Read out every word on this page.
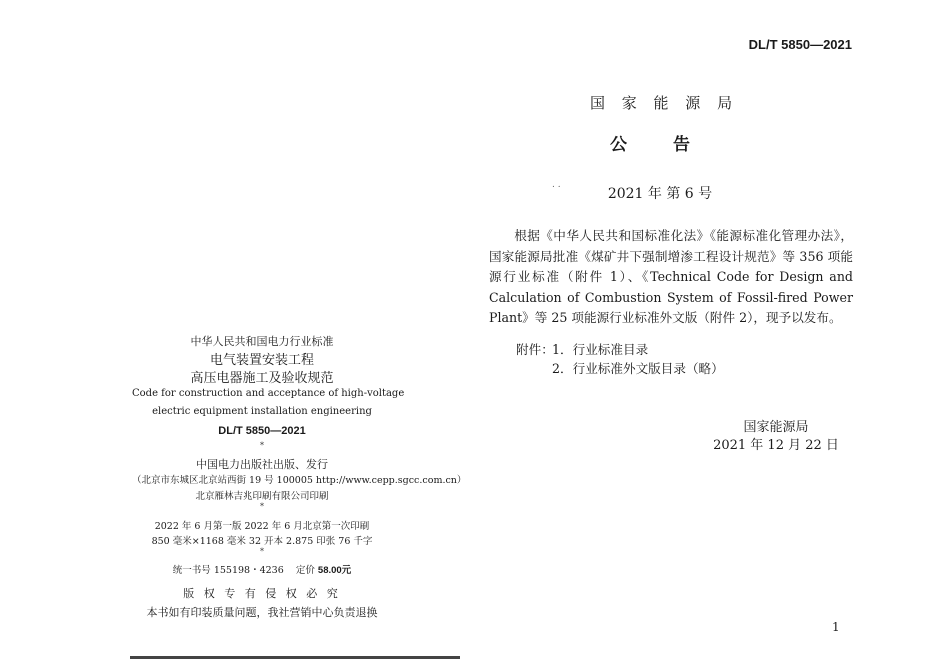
DL/T 5850—2021
国 家 能 源 局
公 告
. .
2021 年 第 6 号

根据《中华人民共和国标准化法》《能源标准化管理办法》，国家能源局批准《煤矿井下强制增渗工程设计规范》等 356 项能源行业标准（附件 1）、《Technical Code for Design and Calculation of Combustion System of Fossil-fired Power Plant》等 25 项能源行业标准外文版（附件 2），现予以发布。

附件：
1．行业标准目录
2．行业标准外文版目录（略）
国家能源局
2021 年 12 月 22 日
1
中华人民共和国电力行业标准
电气装置安装工程
高压电器施工及验收规范
Code for construction and acceptance of high-voltage
electric equipment installation engineering
DL/T 5850—2021
*
中国电力出版社出版、发行
（北京市东城区北京站西街 19 号 100005 http://www.cepp.sgcc.com.cn）
北京雁林吉兆印刷有限公司印刷
*
2022 年 6 月第一版 2022 年 6 月北京第一次印刷
850 毫米×1168 毫米 32 开本 2.875 印张 76 千字
*
统一书号 155198・4236 定价 58.00元
版 权 专 有 侵 权 必 究
本书如有印装质量问题，我社营销中心负责退换
